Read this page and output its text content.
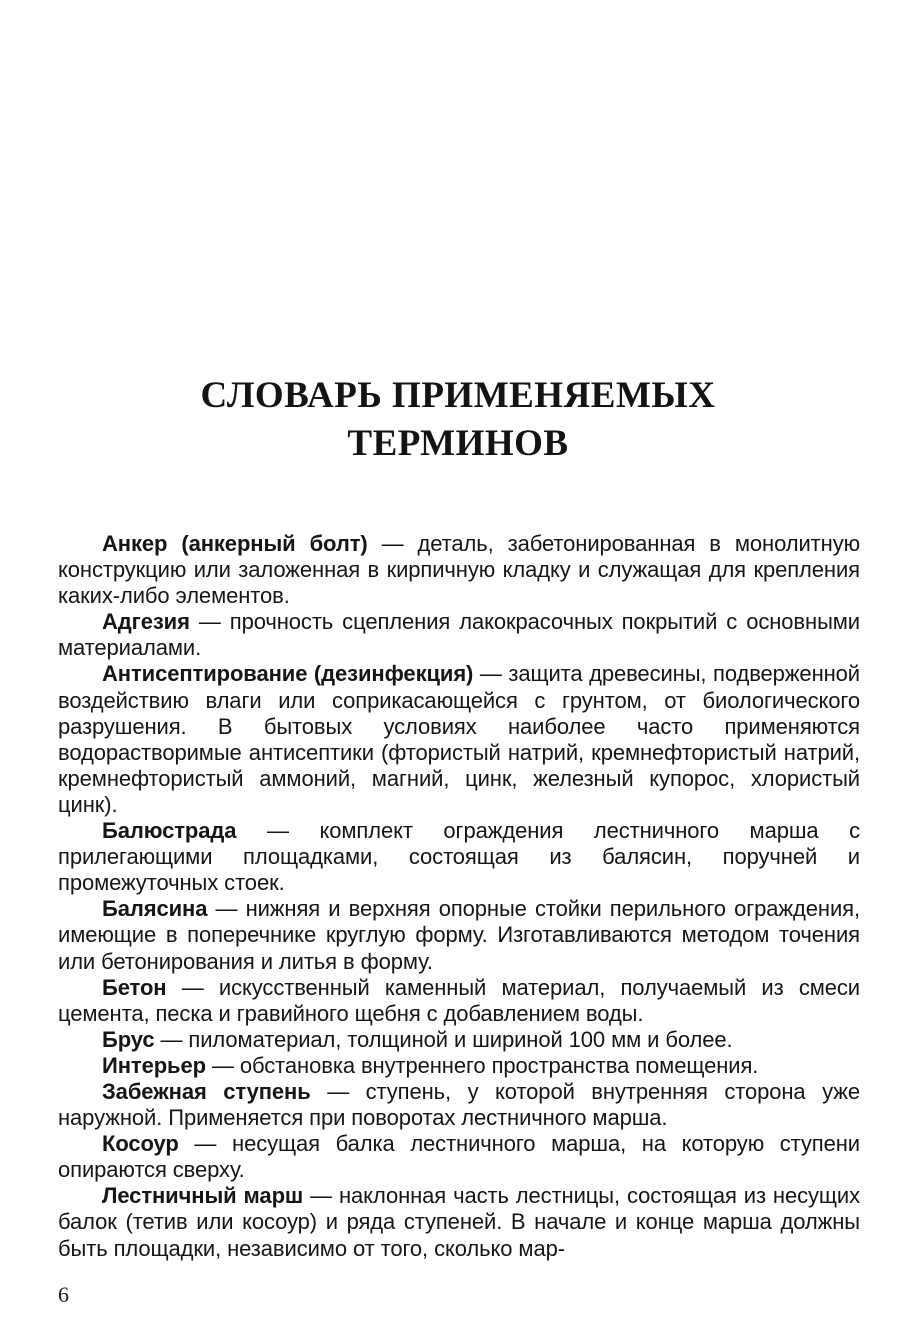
СЛОВАРЬ ПРИМЕНЯЕМЫХ ТЕРМИНОВ

Анкер (анкерный болт) — деталь, забетонированная в монолитную конструкцию или заложенная в кирпичную кладку и служащая для крепления каких-либо элементов.

Адгезия — прочность сцепления лакокрасочных покрытий с основными материалами.

Антисептирование (дезинфекция) — защита древесины, подверженной воздействию влаги или соприкасающейся с грунтом, от биологического разрушения. В бытовых условиях наиболее часто применяются водорастворимые антисептики (фтористый натрий, кремнефтористый натрий, кремнефтористый аммоний, магний, цинк, железный купорос, хлористый цинк).

Балюстрада — комплект ограждения лестничного марша с прилегающими площадками, состоящая из балясин, поручней и промежуточных стоек.

Балясина — нижняя и верхняя опорные стойки перильного ограждения, имеющие в поперечнике круглую форму. Изготавливаются методом точения или бетонирования и литья в форму.

Бетон — искусственный каменный материал, получаемый из смеси цемента, песка и гравийного щебня с добавлением воды.

Брус — пиломатериал, толщиной и шириной 100 мм и более.

Интерьер — обстановка внутреннего пространства помещения.

Забежная ступень — ступень, у которой внутренняя сторона уже наружной. Применяется при поворотах лестничного марша.

Косоур — несущая балка лестничного марша, на которую ступени опираются сверху.

Лестничный марш — наклонная часть лестницы, состоящая из несущих балок (тетив или косоур) и ряда ступеней. В начале и конце марша должны быть площадки, независимо от того, сколько мар-

6
